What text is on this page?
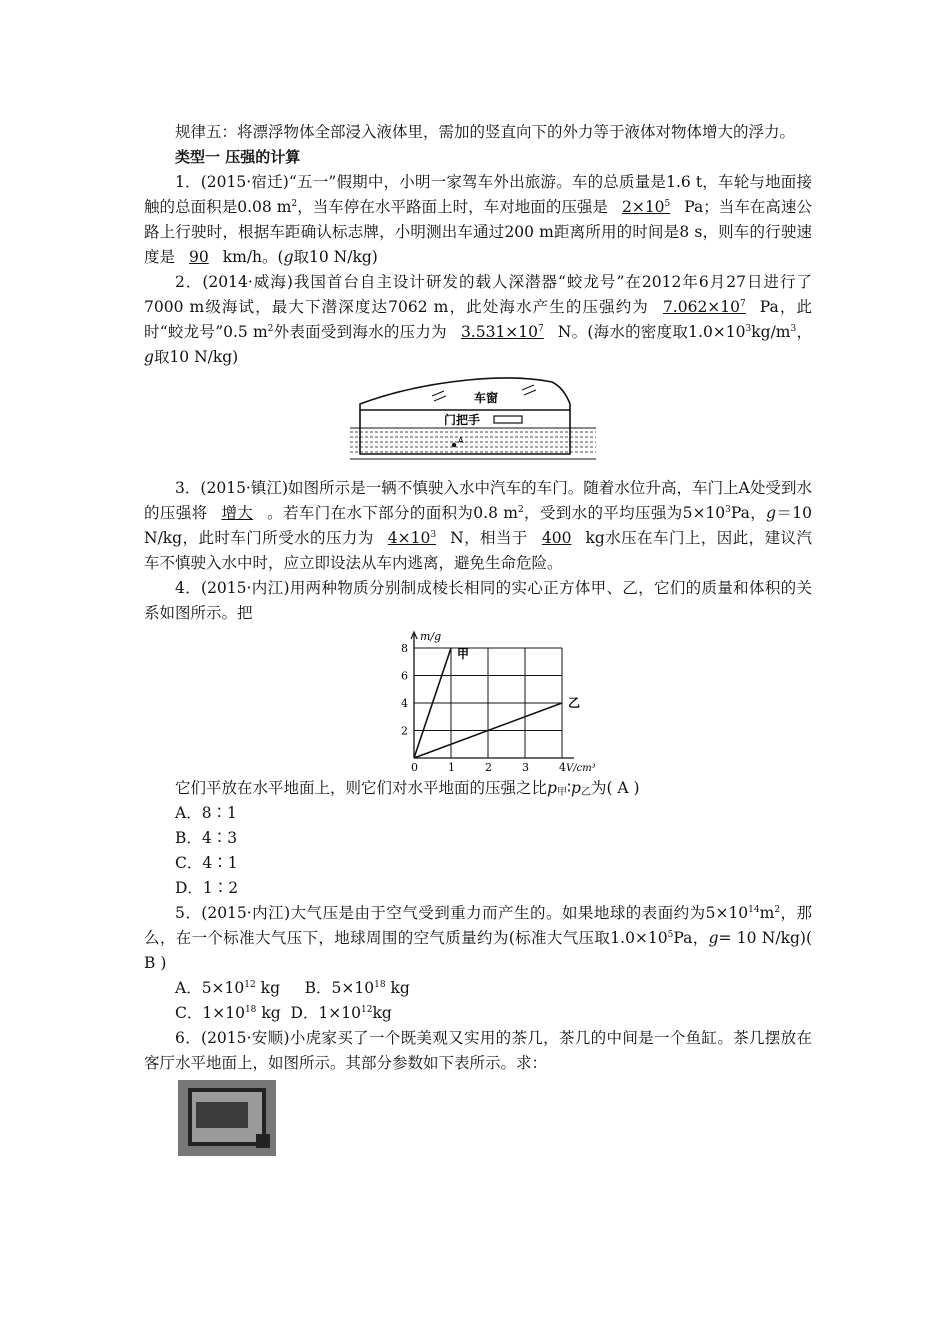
规律五：将漂浮物体全部浸入液体里，需加的竖直向下的外力等于液体对物体增大的浮力。

类型一 压强的计算

1．(2015·宿迁)“五一”假期中，小明一家驾车外出旅游。车的总质量是1.6 t，车轮与地面接触的总面积是0.08 $m^2$，当车停在水平路面上时，车对地面的压强是 $2\times 10^5$ Pa；当车在高速公路上行驶时，根据车距确认标志牌，小明测出车通过200 m距离所用的时间是8 s，则车的行驶速度是 90 km/h。(g取10 N/kg)

2．(2014·威海)我国首台自主设计研发的载人深潜器“蛟龙号”在2012年6月27日进行了7000 m级海试，最大下潜深度达7062 m，此处海水产生的压强约为 $7.062\times 10^7$ Pa，此时“蛟龙号”0.5 $m^2$外表面受到海水的压力为 $3.531\times 10^7$ N。(海水的密度取$1.0\times 10^3kg/m^3$，g取10 N/kg)

车窗
门把手
A

3．(2015·镇江)如图所示是一辆不慎驶入水中汽车的车门。随着水位升高，车门上A处受到水的压强将 增大 。若车门在水下部分的面积为0.8 $m^2$，受到水的平均压强为$5\times 10^3Pa$，g＝10 N/kg，此时车门所受水的压力为 $4\times 10^3$ N，相当于 400 kg水压在车门上，因此，建议汽车不慎驶入水中时，应立即设法从车内逃离，避免生命危险。

4．(2015·内江)用两种物质分别制成棱长相同的实心正方体甲、乙，它们的质量和体积的关系如图所示。把

0	1	2	3	4
2
4
6
8
m/g
V/cm³
甲
乙

它们平放在水平地面上，则它们对水平地面的压强之比$p_甲∶p_乙$为( A )

A．8∶1

B．4∶3

C．4∶1

D．1∶2

5．(2015·内江)大气压是由于空气受到重力而产生的。如果地球的表面约为$5\times 10^{14}m^2$，那么，在一个标准大气压下，地球周围的空气质量约为(标准大气压取$1.0\times 10^5Pa$，g= 10 N/kg)( B )

A．$5\times 10^{12}$ kg B．$5\times 10^{18}$ kg

C．$1\times 10^{18}$ kg D．$1\times 10^{12}kg$

6．(2015·安顺)小虎家买了一个既美观又实用的茶几，茶几的中间是一个鱼缸。茶几摆放在客厅水平地面上，如图所示。其部分参数如下表所示。求：
